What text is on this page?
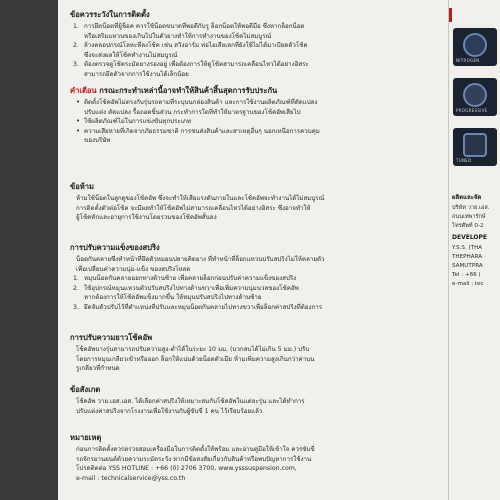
ข้อควรระวังในการติดตั้ง

1. การยึดน็อตที่ยู้ช็อค ควรใช้น็อตขนาดที่พอดีกับรู ล็อกน็อตให้พอดีมือ ซึ่งหากล็อกน็อต
หรือเสริมแหวนของเกินไปในตัวยางทำให้การทำงานของโช้คไม่สมบูรณ์
2. ล้างคลอปกรณ์โลหะที่ลงโช้ค เช่น สวิงอาร์ม ท่อไอเสียเลกที่ยังใช้ไม่ได้มาเบียดตัวโช้ค
ซึ่งจะส่งผลให้โช้คทำงานไม่สมบูรณ์
3. ต้องตรวจดูโช้คระมัดยางรองอยู่ เพื่อต้องการให้ดูโช้คสามารถเคลื่อนไหวได้อย่างอิสระ
สามารถยึดตัวจากการใช้งานได้เล็กน้อย

คำเตือน กรณะกระทำเหล่านี้อาจทำให้สินค้าสิ้นสุดการรับประกัน

• ติดตั้งโช้คอัพไม่ตรงกับรุ่นรถตามที่ระบุบนกล่องสินค้า และการใช้งานผลิตภัณฑ์ที่ดัดแปลง
ปรับแต่ง ตัดแปลง รื้อถอดชิ้นส่วน กระทำการใดที่ทำให้มาตรฐานของโช้คอัพเสียไป
• ใช้ผลิตภัณฑ์ไม่ในการแข่งขันทุกประเภท
• ความเสียหายที่เกิดจากภัยธรรมชาติ การชนส่งสินค้าและสาเหตุอื่นๆ นอกเหนือการควบคุม
ของบริษัท

ข้อห้าม

ห้ามใช้น็อตในลูกดูของโช้คอัพ ซึ่งจะทำให้เสียแรงดันภายในและโช้คอัพจะทำงานได้ไม่สมบูรณ์

การติดตั้งตัวต่อโช้ค จะมีผลทำให้โช้คอัพไม่สามารถเคลื่อนไหวได้อย่างอิสระ ซึ่งอาจทำให้

ยู้โช้คหักและอายุการใช้งานโดยรวมของโช้คอัพสั้นลง

การปรับความแข็งของสปริง

น็อตกันคลายซึ่งทำหน้าที่ยึดตัวหมอนปลายคิดยาง ที่ทำหน้าที่ล็อกแหวนปรับสปริงไม่ให้คลายตัว

เพื่อเปลี่ยนค่าความนุ่ม-แข็ง ของสปริงโหลด

1. หมุนน็อตกันคลายออกทางด้านซ้าย เพื่อคลายล็อกก่อนปรับค่าความแข็งของสปริง
2. ใช้อุปกรณ์หมุนแหวนตัวปรับสปริงไปทางด้านขวาเพื่อเพิ่มความนุ่มนวลของโช้คอัพ
หากต้องการให้โช้คอัพแข็งมากขึ้น ให้หมุนปรับสปริงไปทางด้านซ้าย
3. ยึดจับตัวปรับไว้ที่ตำแหน่งที่ปรับและหมุนน็อตกันคลายไปทางขวาเพื่อล็อกค่าสปริงที่ต้องการ

การปรับความยาวโช้คอัพ

โช้คอัพบางรุ่นสามารถปรับความสูง-ต่ำได้ในระยะ 10 มม. (บวกลบได้ไม่เกิน 5 มม.) ปรับ

โดยการหมุนเกลียวเข้าหรือออก ล็อกให้แน่นด้วยน็อตตัวเมีย ห้ามเพิ่มความสูงเกินกว่าค่าบน

รูเกลียวที่กำหนด

ข้อสังเกต

โช้คอัพ วาย.เอส.เอส. ได้เลือกค่าสปริงให้เหมาะสมกับโช้คอัพในแต่ละรุ่น และได้ทำการ

ปรับแต่งค่าสปริงจากโรงงานเพื่อใช้งานกับผู้ขับขี่ 1 คน ไว้เรียบร้อยแล้ว

หมายเหตุ

ก่อนการติดตั้งควรตรวจสอบเครื่องมือในการติดตั้งให้พร้อม และอ่านคู่มือให้เข้าใจ ควรขับขี่

รถจักรยานยนต์ด้วยความระมัดระวัง หากมีข้อสงสัยเกี่ยวกับสินค้าหรือพบปัญหาการใช้งาน

โปรดติดต่อ YSS HOTLINE : +66 (0) 2706 3700, www.ysssuspension.com,

e-mail : technicalservice@yss.co.th

NITROGEN
PROGRESSIVE
TUNED
ผลิตและจัด
บริษัท วาย.เอส.
ถนนเทพารักษ์
โทรศัพท์ 0-2
DEVELOPE
Y.S.S. (THA
THEPHARA
SAMUTPRA
Tel : +66 (
e-mail : tec
